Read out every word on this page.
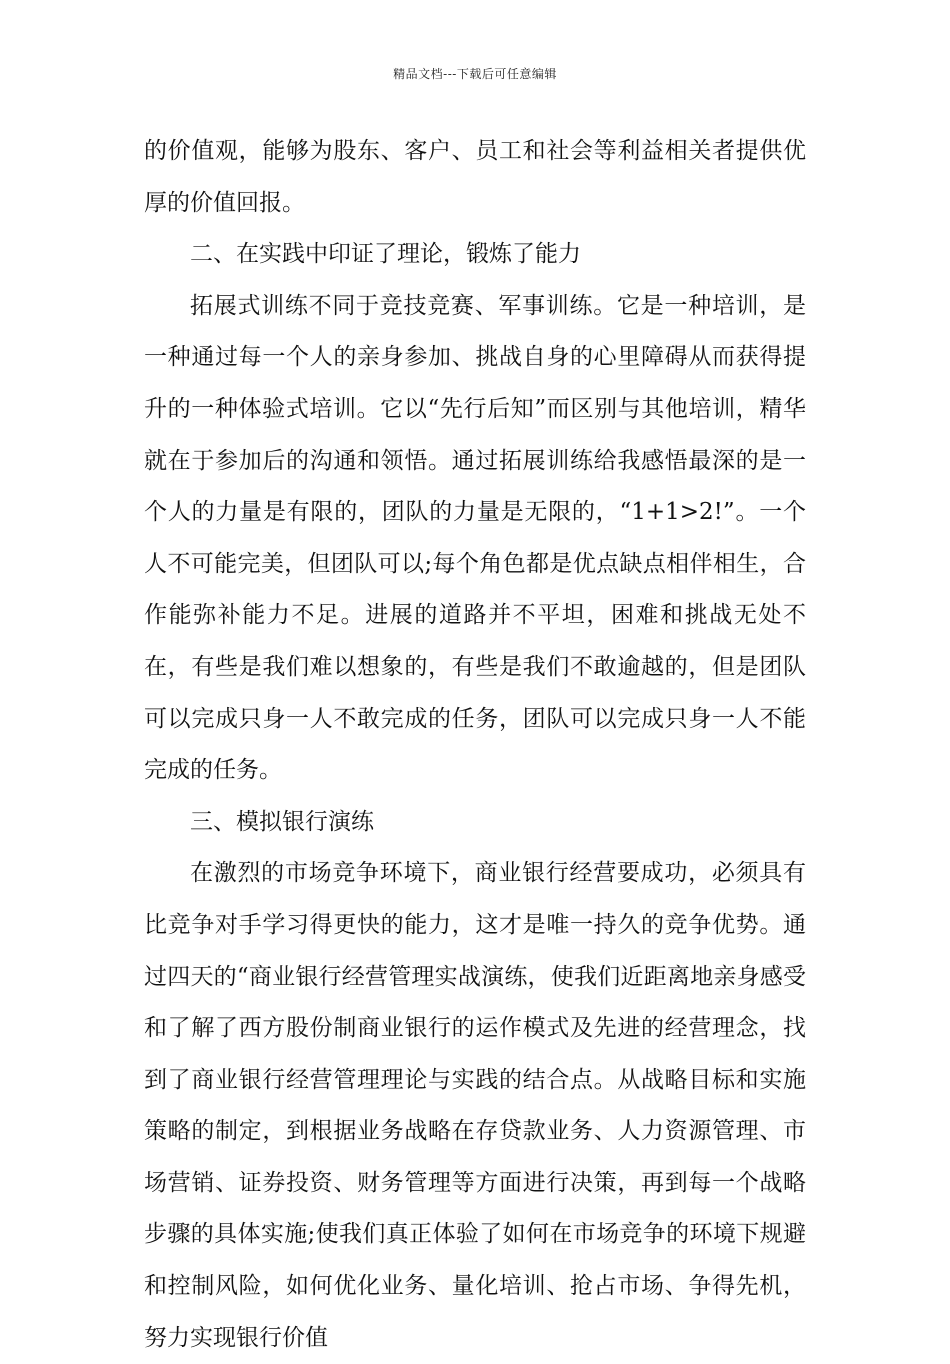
精品文档---下载后可任意编辑

的价值观，能够为股东、客户、员工和社会等利益相关者提供优厚的价值回报。

二、在实践中印证了理论，锻炼了能力

拓展式训练不同于竞技竞赛、军事训练。它是一种培训，是一种通过每一个人的亲身参加、挑战自身的心里障碍从而获得提升的一种体验式培训。它以“先行后知”而区别与其他培训，精华就在于参加后的沟通和领悟。通过拓展训练给我感悟最深的是一个人的力量是有限的，团队的力量是无限的，“1+1>2!”。一个人不可能完美，但团队可以;每个角色都是优点缺点相伴相生，合作能弥补能力不足。进展的道路并不平坦，困难和挑战无处不在，有些是我们难以想象的，有些是我们不敢逾越的，但是团队可以完成只身一人不敢完成的任务，团队可以完成只身一人不能完成的任务。

三、模拟银行演练

在激烈的市场竞争环境下，商业银行经营要成功，必须具有比竞争对手学习得更快的能力，这才是唯一持久的竞争优势。通过四天的“商业银行经营管理实战演练，使我们近距离地亲身感受和了解了西方股份制商业银行的运作模式及先进的经营理念，找到了商业银行经营管理理论与实践的结合点。从战略目标和实施策略的制定，到根据业务战略在存贷款业务、人力资源管理、市场营销、证券投资、财务管理等方面进行决策，再到每一个战略步骤的具体实施;使我们真正体验了如何在市场竞争的环境下规避和控制风险，如何优化业务、量化培训、抢占市场、争得先机，努力实现银行价值
